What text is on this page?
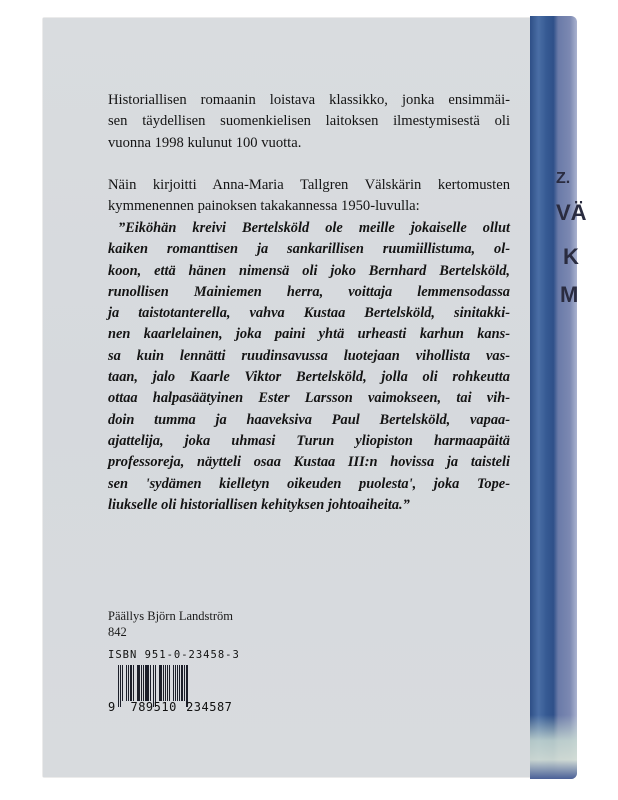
Z.
VÄ
K
M
Historiallisen romaanin loistava klassikko, jonka ensimmäi-
sen täydellisen suomenkielisen laitoksen ilmestymisestä oli
vuonna 1998 kulunut 100 vuotta.
Näin kirjoitti Anna-Maria Tallgren Välskärin kertomusten
kymmenennen painoksen takakannessa 1950-luvulla:
”Eiköhän kreivi Bertelsköld ole meille jokaiselle ollut
kaiken romanttisen ja sankarillisen ruumiillistuma, ol-
koon, että hänen nimensä oli joko Bernhard Bertelsköld,
runollisen Mainiemen herra, voittaja lemmensodassa
ja taistotanterella, vahva Kustaa Bertelsköld, sinitakki-
nen kaarlelainen, joka paini yhtä urheasti karhun kans-
sa kuin lennätti ruudinsavussa luotejaan vihollista vas-
taan, jalo Kaarle Viktor Bertelsköld, jolla oli rohkeutta
ottaa halpasäätyinen Ester Larsson vaimokseen, tai vih-
doin tumma ja haaveksiva Paul Bertelsköld, vapaa-
ajattelija, joka uhmasi Turun yliopiston harmaapäitä
professoreja, näytteli osaa Kustaa III:n hovissa ja taisteli
sen 'sydämen kielletyn oikeuden puolesta', joka Tope-
liukselle oli historiallisen kehityksen johtoaiheita.”
Päällys Björn Landström
842
ISBN 951-0-23458-3
9 789510 234587
